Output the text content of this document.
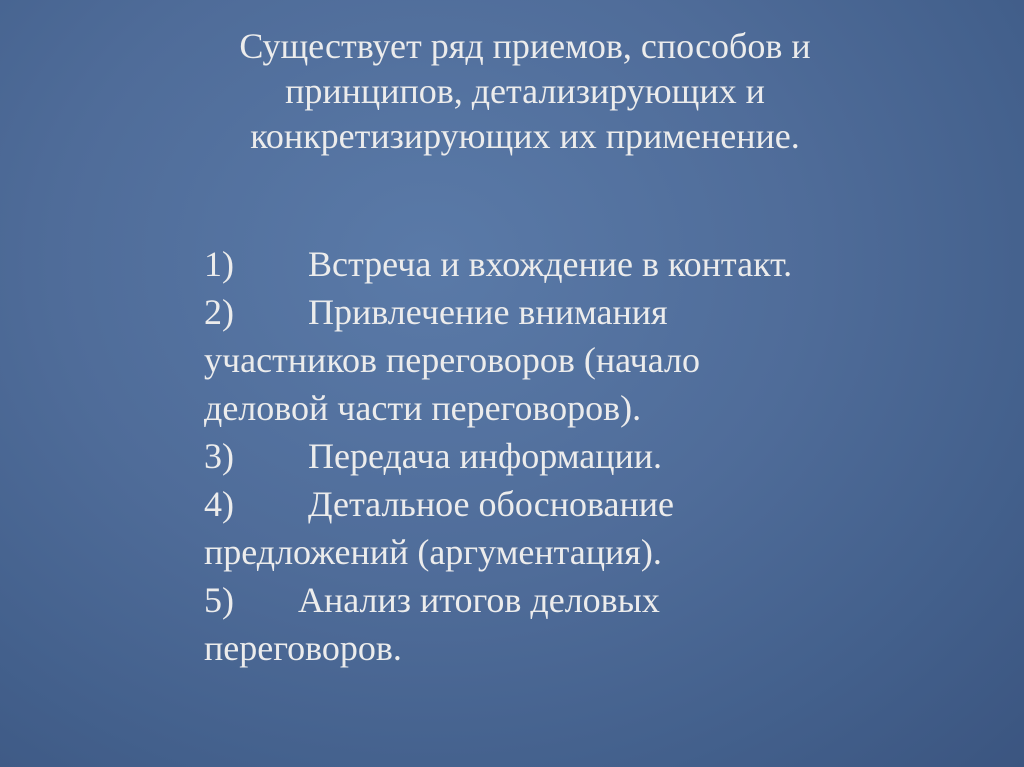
Существует ряд приемов, способов и
принципов, детализирующих и
конкретизирующих их применение.
1) Встреча и вхождение в контакт.
2) Привлечение внимания
участников переговоров (начало
деловой части переговоров).
3) Передача информации.
4) Детальное обоснование
предложений (аргументация).
5) Анализ итогов деловых
переговоров.
